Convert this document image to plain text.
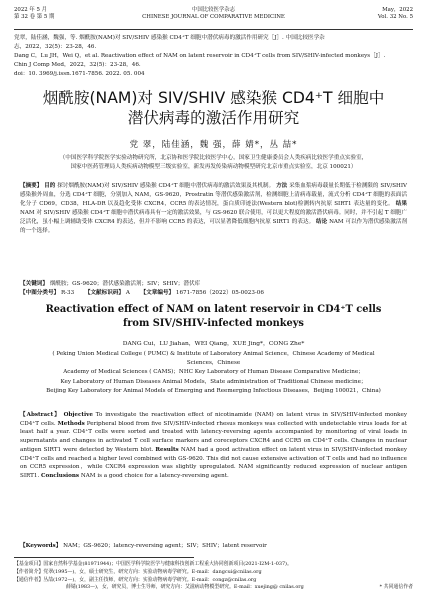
2022 年 5 月
第 32 卷 第 5 期
中国比较医学杂志
CHINESE JOURNAL OF COMPARATIVE MEDICINE
May，2022
Vol. 32 No. 5
党翠，陆佳涵，魏强，等. 烟酰胺(NAM)对 SIV/SHIV 感染猴 CD4⁺T 细胞中潜伏病毒的激活作用研究［J］. 中国比较医学杂
志，2022，32(5)：23-28，46.
Dang C，Lu JH，Wei Q，et al. Reactivation effect of NAM on latent reservoir in CD4⁺T cells from SIV/SHIV-infected monkeys［J］.
Chin J Comp Med，2022，32(5)：23-28，46.
doi：10. 3969/j.issn.1671-7856. 2022. 05. 004
烟酰胺(NAM)对 SIV/SHIV 感染猴 CD4⁺T 细胞中
潜伏病毒的激活作用研究
党 翠，陆佳涵，魏 强，薛 婧*，丛 喆*
（中国医学科学院医学实验动物研究所，北京协和医学院比较医学中心，国家卫生健康委员会人类疾病比较医学重点实验室，
国家中医药管理局人类疾病动物模型三级实验室，新发再发传染病动物模型研究北京市重点实验室，北京 100021）
【摘要】 目的 探讨烟酰胺(NAM)对 SIV/SHIV 感染猴 CD4⁺T 细胞中潜伏病毒的激活效果及其机制。 方法 采集血浆病毒载量长期低于检测限的 SIV/SHIV 感染猴外周血，分选 CD4⁺T 细胞，分别加入 NAM，GS-9620，Prostratin 等潜伏感染激活剂，检测细胞上清病毒载量，流式分析 CD4⁺T 细胞的表面活化分子 CD69，CD38，HLA-DR 以及趋化受体 CXCR4，CCR5 的表达情况，蛋白质印迹法(Western blot)检测转内抗原 SIRT1 表达量的变化。 结果 NAM 对 SIV/SHIV 感染猴 CD4⁺T 细胞中潜伏病毒具有一定的激活效果，与 GS-9620 联合使用，可以更大程度的激活潜伏病毒。同时，并不引起 T 细胞广泛活化，虽小幅上调辅助受体 CXCR4 的表达，但并不影响 CCR5 的表达，可以显著降低细胞内抗原 SIRT1 的表达。 结论 NAM 可以作为潜伏感染激活剂的一个选择。
【关键词】 烟酰胺；GS-9620；潜伏感染激活剂；SIV；SHIV；潜伏库
【中图分类号】 R-33 【文献标识码】 A 【文章编号】 1671-7856（2022）05-0023-06
Reactivation effect of NAM on latent reservoir in CD4⁺T cells
from SIV/SHIV-infected monkeys
DANG Cui，LU Jiahan，WEI Qiang，XUE Jing*，CONG Zhe*
( Peking Union Medical College ( PUMC) & Institute of Laboratory Animal Science，Chinese Academy of Medical Sciences，Chinese
Academy of Medical Sciences ( CAMS)；NHC Key Laboratory of Human Disease Comparative Medicine；
Key Laboratory of Human Diseases Animal Models，State administration of Traditional Chinese medicine；
Beijing Key Laboratory for Animal Models of Emerging and Reemerging Infectious Diseases，Beijing 100021，China)
【Abstract】 Objective To investigate the reactivation effect of nicotinamide (NAM) on latent virus in SIV/SHIV-infected monkey CD4⁺T cells. Methods Peripheral blood from five SIV/SHIV-infected rhesus monkeys was collected with undetectable virus loads for at least half a year. CD4⁺T cells were sorted and treated with latency-reversing agents accompanied by monitoring of viral loads in supernatants and changes in activated T cell surface markers and coreceptors CXCR4 and CCR5 on CD4⁺T cells. Changes in nuclear antigen SIRT1 were detected by Western blot. Results NAM had a good activation effect on latent virus in SIV/SHIV-infected monkey CD4⁺T cells and reached a higher level combined with GS-9620. This did not cause extensive activation of T cells and had no influence on CCR5 expression，while CXCR4 expression was slightly upregulated. NAM significantly reduced expression of nuclear antigen SIRT1. Conclusions NAM is a good choice for a latency-reversing agent.
【Keywords】 NAM；GS-9620；latency-reversing agent；SIV；SHIV；latent reservoir
【基金项目】国家自然科学基金(81971944)；中国医学科学院医学与健康科技创新工程重大协同创新项目(2021-I2M-1-037)。
【作者简介】党翠(1995—)，女，硕士研究生，研究方向：实验动物病毒学研究。E-mail：dangcui@cnilas.org
【通信作者】丛喆(1972—)，女，副主任技师，研究方向：实验动物病毒学研究。E-mail：congz@cnilas.org
薛婧(1983—)，女，研究员，博士生导师，研究方向：艾滋病动物模型研究。E-mail：xuejing@ cnilas.org	* 共同通信作者
